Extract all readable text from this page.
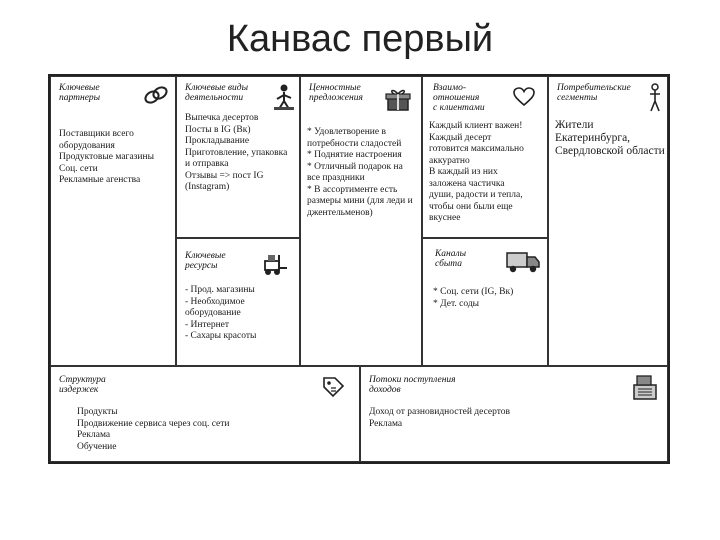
Канвас первый
Ключевые
партнеры
Поставщики всего
оборудования
Продуктовые магазины
Соц. сети
Рекламные агенства
Ключевые виды
деятельности
Выпечка десертов
Посты в IG (Вк)
Прокладывание
Приготовление, упаковка
и отправка
Отзывы => пост IG
(Instagram)
Ключевые
ресурсы
- Прод. магазины
- Необходимое
оборудование
- Интернет
- Сахары красоты
Ценностные
предложения
* Удовлетворение в
потребности сладостей
* Поднятие настроения
* Отличный подарок на
все праздники
* В ассортименте есть
размеры мини (для леди и
джентельменов)
Взаимо-
отношения
с клиентами
Каждый клиент важен!
Каждый десерт
готовится максимально
аккуратно
В каждый из них
заложена частичка
души, радости и тепла,
чтобы они были еще
вкуснее
Каналы
сбыта
* Соц. сети (IG, Вк)
* Дет. соды
Потребительские
сегменты
Жители
Екатеринбурга,
Свердловской области
Структура
издержек
Продукты
Продвижение сервиса через соц. сети
Реклама
Обучение
Потоки поступления
доходов
Доход от разновидностей десертов
Реклама
